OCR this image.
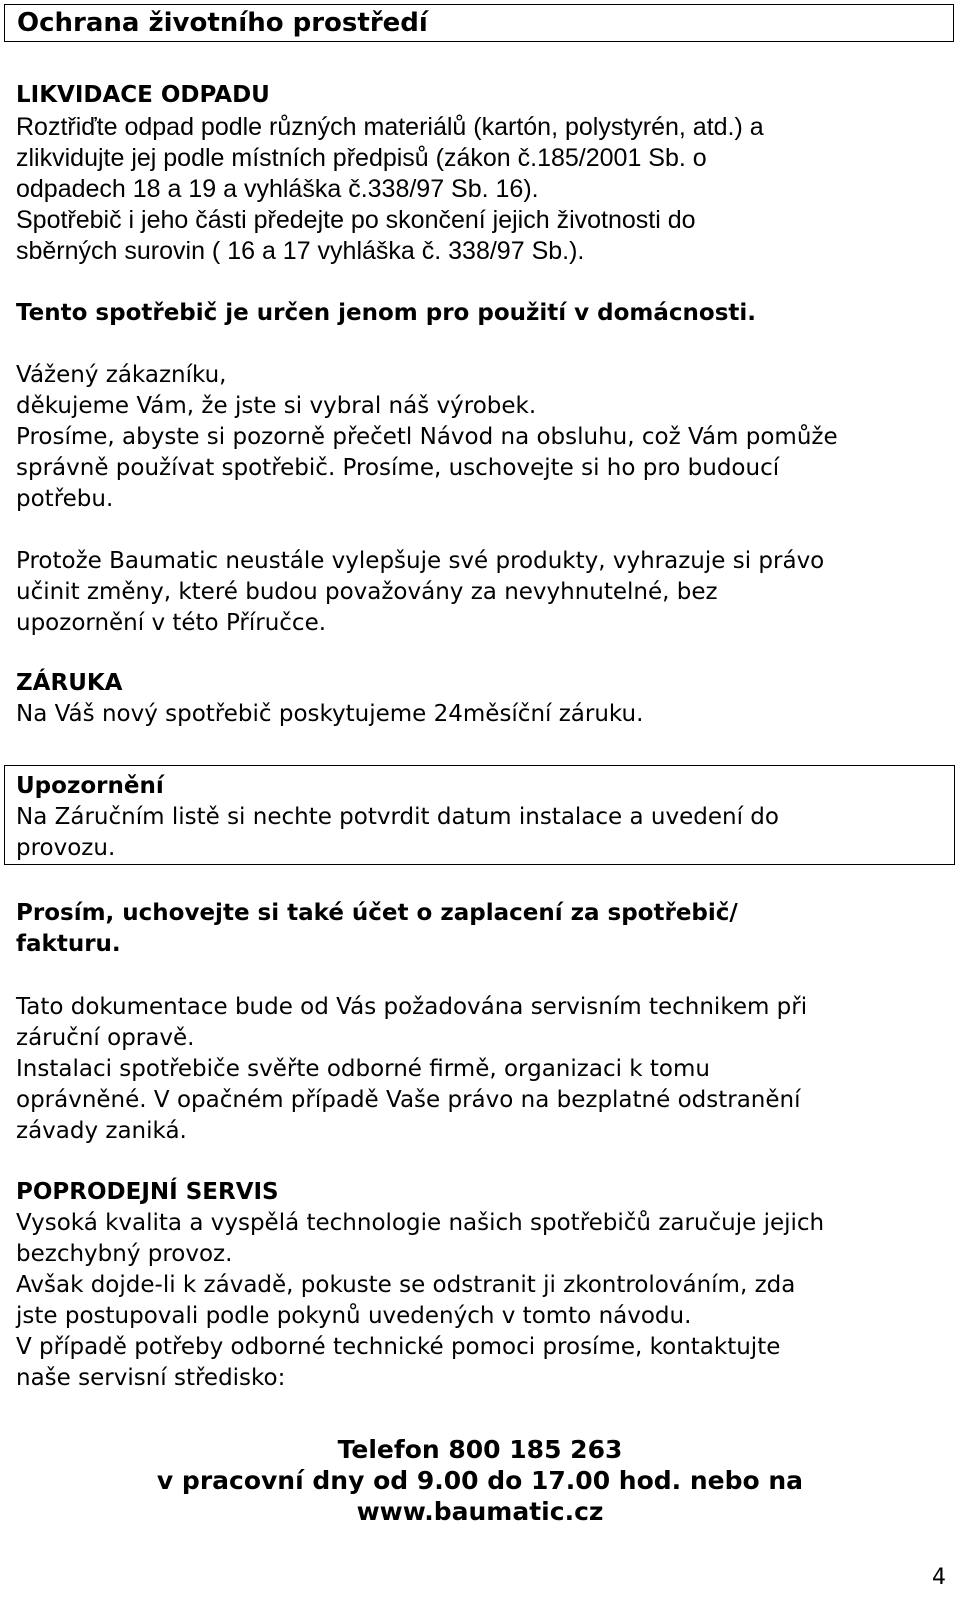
Ochrana životního prostředí
LIKVIDACE ODPADU
Roztřiďte odpad podle různých materiálů (kartón, polystyrén, atd.) a
zlikvidujte jej podle místních předpisů (zákon č.185/2001 Sb. o
odpadech 18 a 19 a vyhláška č.338/97 Sb. 16).
Spotřebič i jeho části předejte po skončení jejich životnosti do
sběrných surovin ( 16 a 17 vyhláška č. 338/97 Sb.).
Tento spotřebič je určen jenom pro použití v domácnosti.
Vážený zákazníku,
děkujeme Vám, že jste si vybral náš výrobek.
Prosíme, abyste si pozorně přečetl Návod na obsluhu, což Vám pomůže
správně používat spotřebič. Prosíme, uschovejte si ho pro budoucí
potřebu.
Protože Baumatic neustále vylepšuje své produkty, vyhrazuje si právo
učinit změny, které budou považovány za nevyhnutelné, bez
upozornění v této Příručce.
ZÁRUKA
Na Váš nový spotřebič poskytujeme 24měsíční záruku.
Upozornění
Na Záručním listě si nechte potvrdit datum instalace a uvedení do
provozu.
Prosím, uchovejte si také účet o zaplacení za spotřebič/
fakturu.
Tato dokumentace bude od Vás požadována servisním technikem při
záruční opravě.
Instalaci spotřebiče svěřte odborné firmě, organizaci k tomu
oprávněné. V opačném případě Vaše právo na bezplatné odstranění
závady zaniká.
POPRODEJNÍ SERVIS
Vysoká kvalita a vyspělá technologie našich spotřebičů zaručuje jejich
bezchybný provoz.
Avšak dojde-li k závadě, pokuste se odstranit ji zkontrolováním, zda
jste postupovali podle pokynů uvedených v tomto návodu.
V případě potřeby odborné technické pomoci prosíme, kontaktujte
naše servisní středisko:
Telefon 800 185 263
v pracovní dny od 9.00 do 17.00 hod. nebo na
www.baumatic.cz
4
